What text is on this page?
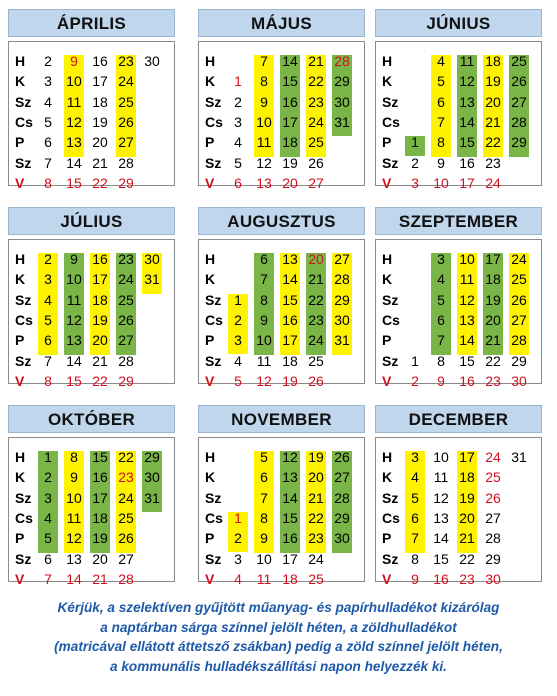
ÁPRILIS
H
K
Sz
Cs
P
Sz
V
2
3
4
5
6
7
8
9
10
11
12
13
14
15
16
17
18
19
20
21
22
23
24
25
26
27
28
29
30
MÁJUS
H
K
Sz
Cs
P
Sz
V
1
2
3
4
5
6
7
8
9
10
11
12
13
14
15
16
17
18
19
20
21
22
23
24
25
26
27
28
29
30
31
JÚNIUS
H
K
Sz
Cs
P
Sz
V
1
2
3
4
5
6
7
8
9
10
11
12
13
14
15
16
17
18
19
20
21
22
23
24
25
26
27
28
29
JÚLIUS
H
K
Sz
Cs
P
Sz
V
2
3
4
5
6
7
8
9
10
11
12
13
14
15
16
17
18
19
20
21
22
23
24
25
26
27
28
29
30
31
AUGUSZTUS
H
K
Sz
Cs
P
Sz
V
1
2
3
4
5
6
7
8
9
10
11
12
13
14
15
16
17
18
19
20
21
22
23
24
25
26
27
28
29
30
31
SZEPTEMBER
H
K
Sz
Cs
P
Sz
V
1
2
3
4
5
6
7
8
9
10
11
12
13
14
15
16
17
18
19
20
21
22
23
24
25
26
27
28
29
30
OKTÓBER
H
K
Sz
Cs
P
Sz
V
1
2
3
4
5
6
7
8
9
10
11
12
13
14
15
16
17
18
19
20
21
22
23
24
25
26
27
28
29
30
31
NOVEMBER
H
K
Sz
Cs
P
Sz
V
1
2
3
4
5
6
7
8
9
10
11
12
13
14
15
16
17
18
19
20
21
22
23
24
25
26
27
28
29
30
DECEMBER
H
K
Sz
Cs
P
Sz
V
3
4
5
6
7
8
9
10
11
12
13
14
15
16
17
18
19
20
21
22
23
24
25
26
27
28
29
30
31
Kérjük, a szelektíven gyűjtött műanyag- és papírhulladékot kizárólag
a naptárban sárga színnel jelölt héten, a zöldhulladékot
(matricával ellátott áttetsző zsákban) pedig a zöld színnel jelölt héten,
a kommunális hulladékszállítási napon helyezzék ki.
